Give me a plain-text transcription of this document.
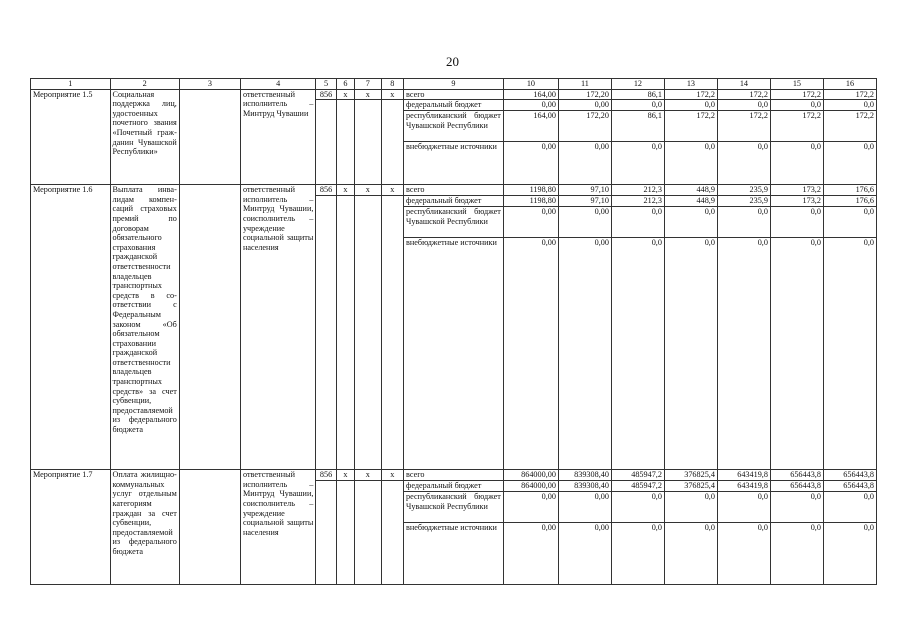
20
1	2	3	4	5	6	7	8	9	10	11	12	13	14	15	16
Мероприятие 1.5	Социальная поддержка лиц, удостоенных почетного звания «Почетный гражданин Чувашской Республики»		ответственный исполнитель – Минтруд Чувашии	856	x	x	x	всего	164,00	172,20	86,1	172,2	172,2	172,2	172,2
								федеральный бюджет	0,00	0,00	0,0	0,0	0,0	0,0	0,0
								республиканский бюджет Чувашской Республики	164,00	172,20	86,1	172,2	172,2	172,2	172,2
								внебюджетные источники	0,00	0,00	0,0	0,0	0,0	0,0	0,0
Мероприятие 1.6	Выплата инвалидам компенсаций страховых премий по договорам обязательного страхования гражданской ответственности владельцев транспортных средств в соответствии с Федеральным законом «Об обязательном страховании гражданской ответственности владельцев транспортных средств» за счет субвенции, предоставляемой из федерального бюджета		ответственный исполнитель – Минтруд Чувашии, соисполнитель – учреждение социальной защиты населения	856	x	x	x	всего	1198,80	97,10	212,3	448,9	235,9	173,2	176,6
								федеральный бюджет	1198,80	97,10	212,3	448,9	235,9	173,2	176,6
								республиканский бюджет Чувашской Республики	0,00	0,00	0,0	0,0	0,0	0,0	0,0
								внебюджетные источники	0,00	0,00	0,0	0,0	0,0	0,0	0,0
Мероприятие 1.7	Оплата жилищно-коммунальных услуг отдельным категориям граждан за счет субвенции, предоставляемой из федерального бюджета		ответственный исполнитель – Минтруд Чувашии, соисполнитель – учреждение социальной защиты населения	856	x	x	x	всего	864000,00	839308,40	485947,2	376825,4	643419,8	656443,8	656443,8
								федеральный бюджет	864000,00	839308,40	485947,2	376825,4	643419,8	656443,8	656443,8
								республиканский бюджет Чувашской Республики	0,00	0,00	0,0	0,0	0,0	0,0	0,0
								внебюджетные источники	0,00	0,00	0,0	0,0	0,0	0,0	0,0
